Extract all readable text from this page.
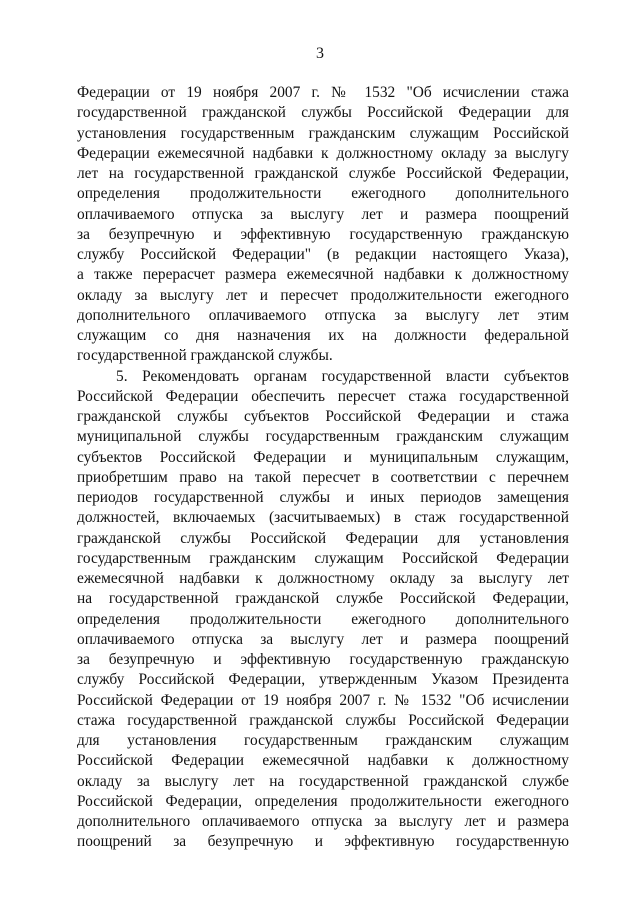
3
Федерации от 19 ноября 2007 г. № 1532 "Об исчислении стажа
государственной гражданской службы Российской Федерации для
установления государственным гражданским служащим Российской
Федерации ежемесячной надбавки к должностному окладу за выслугу
лет на государственной гражданской службе Российской Федерации,
определения продолжительности ежегодного дополнительного
оплачиваемого отпуска за выслугу лет и размера поощрений
за безупречную и эффективную государственную гражданскую
службу Российской Федерации" (в редакции настоящего Указа),
а также перерасчет размера ежемесячной надбавки к должностному
окладу за выслугу лет и пересчет продолжительности ежегодного
дополнительного оплачиваемого отпуска за выслугу лет этим
служащим со дня назначения их на должности федеральной
государственной гражданской службы.
5. Рекомендовать органам государственной власти субъектов
Российской Федерации обеспечить пересчет стажа государственной
гражданской службы субъектов Российской Федерации и стажа
муниципальной службы государственным гражданским служащим
субъектов Российской Федерации и муниципальным служащим,
приобретшим право на такой пересчет в соответствии с перечнем
периодов государственной службы и иных периодов замещения
должностей, включаемых (засчитываемых) в стаж государственной
гражданской службы Российской Федерации для установления
государственным гражданским служащим Российской Федерации
ежемесячной надбавки к должностному окладу за выслугу лет
на государственной гражданской службе Российской Федерации,
определения продолжительности ежегодного дополнительного
оплачиваемого отпуска за выслугу лет и размера поощрений
за безупречную и эффективную государственную гражданскую
службу Российской Федерации, утвержденным Указом Президента
Российской Федерации от 19 ноября 2007 г. № 1532 "Об исчислении
стажа государственной гражданской службы Российской Федерации
для установления государственным гражданским служащим
Российской Федерации ежемесячной надбавки к должностному
окладу за выслугу лет на государственной гражданской службе
Российской Федерации, определения продолжительности ежегодного
дополнительного оплачиваемого отпуска за выслугу лет и размера
поощрений за безупречную и эффективную государственную
